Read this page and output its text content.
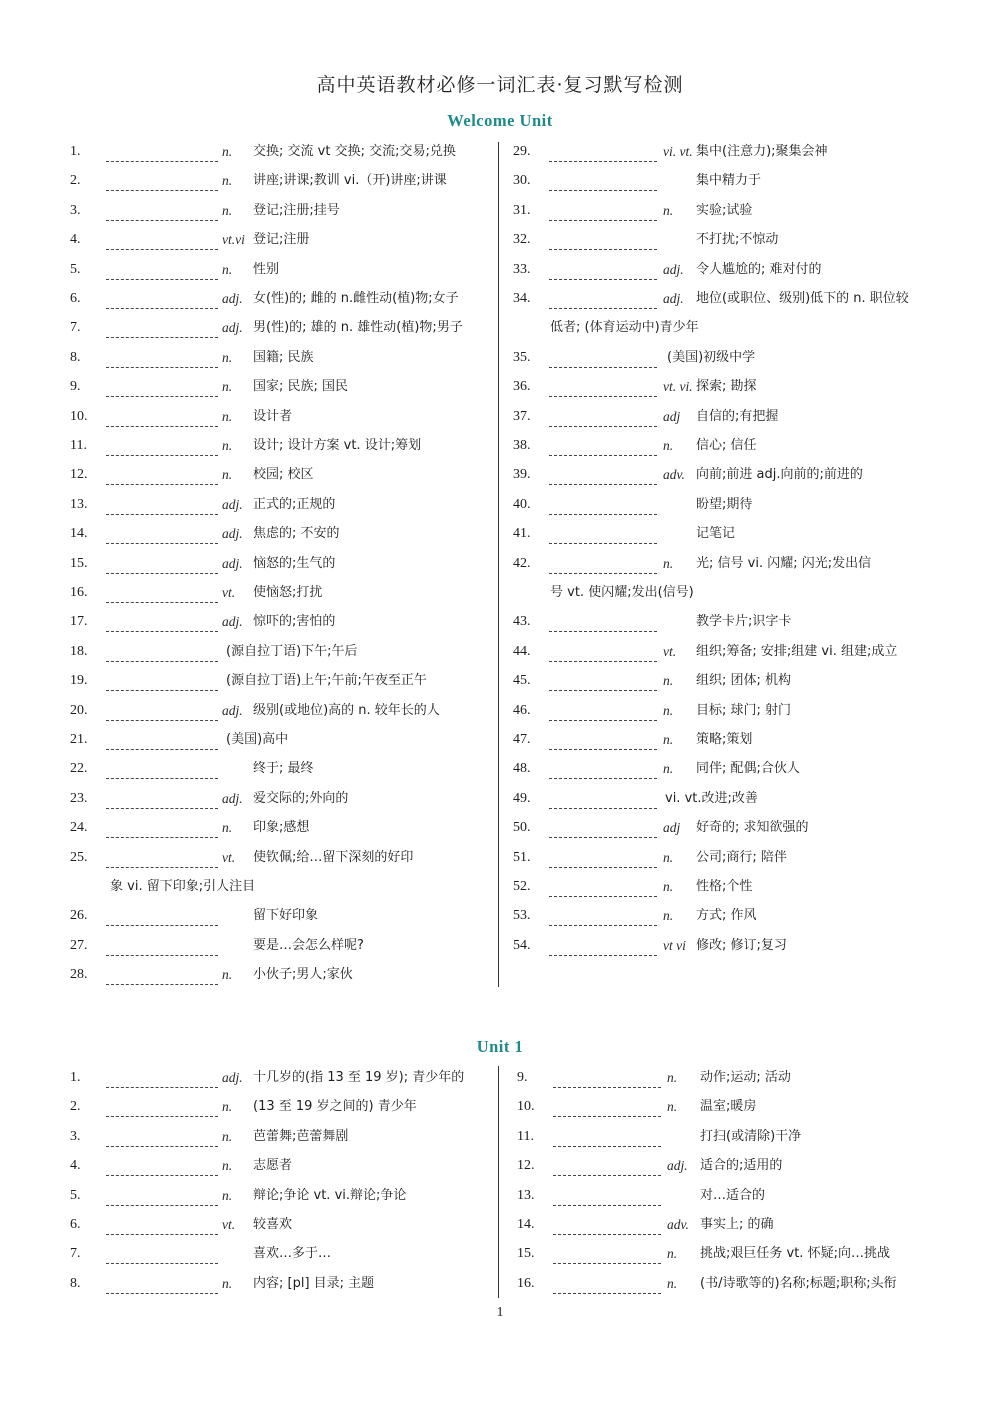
高中英语教材必修一词汇表·复习默写检测
Welcome Unit
1.	n. 交换; 交流 vt 交换; 交流;交易;兑换
2.	n. 讲座;讲课;教训 vi.（开)讲座;讲课
3.	n. 登记;注册;挂号
4.	vt.vi 登记;注册
5.	n. 性别
6.	adj. 女(性)的; 雌的 n.雌性动(植)物;女子
7.	adj. 男(性)的; 雄的 n. 雄性动(植)物;男子
8.	n. 国籍; 民族
9.	n. 国家; 民族; 国民
10.	n. 设计者
11.	n. 设计; 设计方案 vt. 设计;筹划
12.	n. 校园; 校区
13.	adj. 正式的;正规的
14.	adj. 焦虑的; 不安的
15.	adj. 恼怒的;生气的
16.	vt. 使恼怒;打扰
17.	adj. 惊吓的;害怕的
18.	(源自拉丁语)下午;午后
19.	(源自拉丁语)上午;午前;午夜至正午
20.	adj. 级别(或地位)高的 n. 较年长的人
21.	(美国)高中
22.	终于; 最终
23.	adj. 爱交际的;外向的
24.	n. 印象;感想
25.	vt. 使钦佩;给…留下深刻的好印
象 vi. 留下印象;引人注目
26.	留下好印象
27.	要是…会怎么样呢?
28.	n. 小伙子;男人;家伙
29.	vi. vt. 集中(注意力);聚集会神
30.	集中精力于
31.	n. 实验;试验
32.	不打扰;不惊动
33.	adj. 令人尴尬的; 难对付的
34.	adj. 地位(或职位、级别)低下的 n. 职位较
低者; (体育运动中)青少年
35.	(美国)初级中学
36.	vt. vi. 探索; 勘探
37.	adj 自信的;有把握
38.	n. 信心; 信任
39.	adv. 向前;前进 adj.向前的;前进的
40.	盼望;期待
41.	记笔记
42.	n. 光; 信号 vi. 闪耀; 闪光;发出信
号 vt. 使闪耀;发出(信号)
43.	教学卡片;识字卡
44.	vt. 组织;筹备; 安排;组建 vi. 组建;成立
45.	n. 组织; 团体; 机构
46.	n. 目标; 球门; 射门
47.	n. 策略;策划
48.	n. 同伴; 配偶;合伙人
49.	vi. vt.改进;改善
50.	adj 好奇的; 求知欲强的
51.	n. 公司;商行; 陪伴
52.	n. 性格;个性
53.	n. 方式; 作风
54.	vt vi 修改; 修订;复习
Unit 1
1.	adj. 十几岁的(指 13 至 19 岁); 青少年的
2.	n. (13 至 19 岁之间的) 青少年
3.	n. 芭蕾舞;芭蕾舞剧
4.	n. 志愿者
5.	n. 辩论;争论 vt. vi.辩论;争论
6.	vt. 较喜欢
7.	喜欢…多于…
8.	n. 内容; [pl] 目录; 主题
9.	n. 动作;运动; 活动
10.	n. 温室;暖房
11.	打扫(或清除)干净
12.	adj. 适合的;适用的
13.	对…适合的
14.	adv. 事实上; 的确
15.	n. 挑战;艰巨任务 vt. 怀疑;向…挑战
16.	n. (书/诗歌等的)名称;标题;职称;头衔
1
